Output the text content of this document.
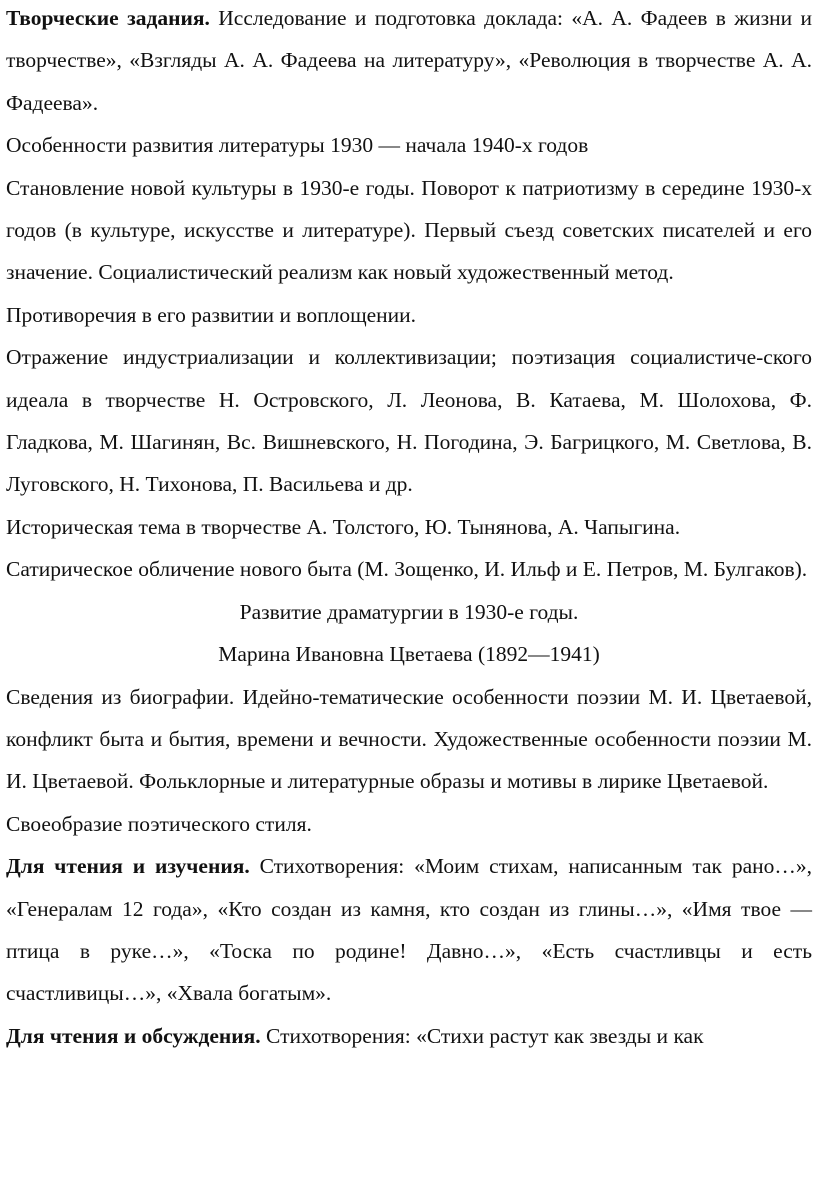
Творческие задания. Исследование и подготовка доклада: «А. А. Фадеев в жизни и творчестве», «Взгляды А. А. Фадеева на литературу», «Революция в творчестве А. А. Фадеева».

Особенности развития литературы 1930 — начала 1940-х годов

Становление новой культуры в 1930-е годы. Поворот к патриотизму в середине 1930-х годов (в культуре, искусстве и литературе). Первый съезд советских писателей и его значение. Социалистический реализм как новый художественный метод.

Противоречия в его развитии и воплощении.

Отражение индустриализации и коллективизации; поэтизация социалистиче-ского идеала в творчестве Н. Островского, Л. Леонова, В. Катаева, М. Шолохова, Ф. Гладкова, М. Шагинян, Вс. Вишневского, Н. Погодина, Э. Багрицкого, М. Светлова, В. Луговского, Н. Тихонова, П. Васильева и др.

Историческая тема в творчестве А. Толстого, Ю. Тынянова, А. Чапыгина.

Сатирическое обличение нового быта (М. Зощенко, И. Ильф и Е. Петров, М. Булгаков).

Развитие драматургии в 1930-е годы.

Марина Ивановна Цветаева (1892—1941)

Сведения из биографии. Идейно-тематические особенности поэзии М. И. Цветаевой, конфликт быта и бытия, времени и вечности. Художественные особенности поэзии М. И. Цветаевой. Фольклорные и литературные образы и мотивы в лирике Цветаевой.

Своеобразие поэтического стиля.

Для чтения и изучения. Стихотворения: «Моим стихам, написанным так рано…», «Генералам 12 года», «Кто создан из камня, кто создан из глины…», «Имя твое — птица в руке…», «Тоска по родине! Давно…», «Есть счастливцы и есть счастливицы…», «Хвала богатым».

Для чтения и обсуждения. Стихотворения: «Стихи растут как звезды и как
